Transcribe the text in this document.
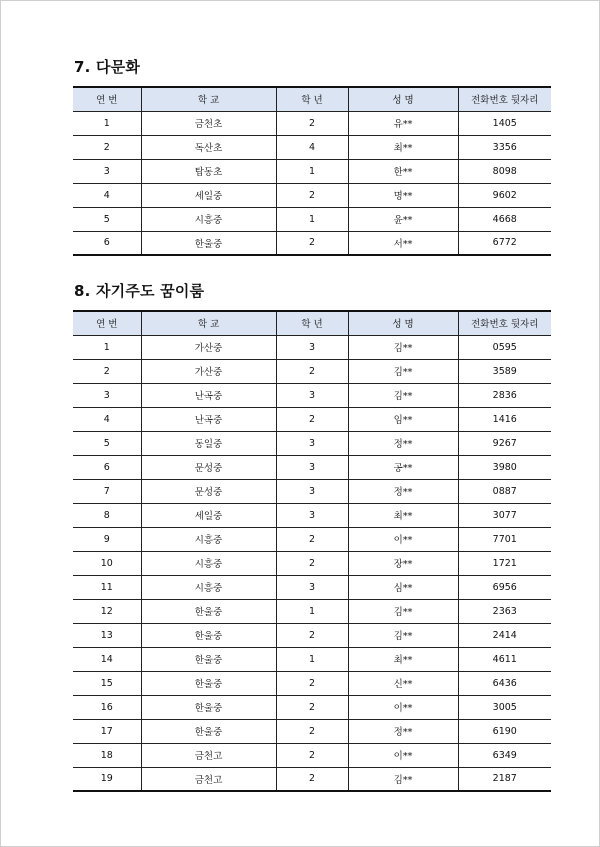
7. 다문화
연 번	학 교	학 년	성 명	전화번호 뒷자리
1	금천초	2	유**	1405
2	독산초	4	최**	3356
3	탑동초	1	한**	8098
4	세일중	2	명**	9602
5	시흥중	1	윤**	4668
6	한울중	2	서**	6772
8. 자기주도 꿈이룸
연 번	학 교	학 년	성 명	전화번호 뒷자리
1	가산중	3	김**	0595
2	가산중	2	김**	3589
3	난곡중	3	김**	2836
4	난곡중	2	임**	1416
5	동일중	3	정**	9267
6	문성중	3	공**	3980
7	문성중	3	정**	0887
8	세일중	3	최**	3077
9	시흥중	2	이**	7701
10	시흥중	2	장**	1721
11	시흥중	3	심**	6956
12	한울중	1	김**	2363
13	한울중	2	김**	2414
14	한울중	1	최**	4611
15	한울중	2	신**	6436
16	한울중	2	이**	3005
17	한울중	2	정**	6190
18	금천고	2	이**	6349
19	금천고	2	김**	2187
